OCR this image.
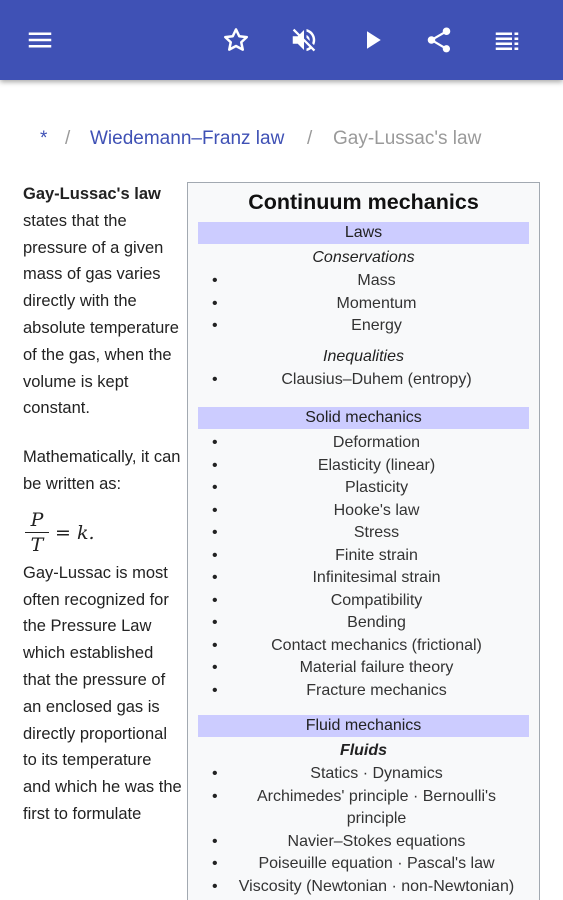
* / Wiedemann–Franz law / Gay-Lussac's law

Gay-Lussac's law states that the pressure of a given mass of gas varies directly with the absolute temperature of the gas, when the volume is kept constant.

Mathematically, it can be written as:

P
T
= k.

Gay-Lussac is most often recognized for the Pressure Law which established that the pressure of an enclosed gas is directly proportional to its temperature and which he was the first to formulate

Continuum mechanics
Laws
Conservations
• Mass
• Momentum
• Energy
Inequalities
• Clausius–Duhem (entropy)
Solid mechanics
• Deformation
• Elasticity (linear)
• Plasticity
• Hooke's law
• Stress
• Finite strain
• Infinitesimal strain
• Compatibility
• Bending
• Contact mechanics (frictional)
• Material failure theory
• Fracture mechanics
Fluid mechanics
Fluids
• Statics · Dynamics
• Archimedes' principle · Bernoulli's principle
• Navier–Stokes equations
• Poiseuille equation · Pascal's law
• Viscosity (Newtonian · non-Newtonian)
